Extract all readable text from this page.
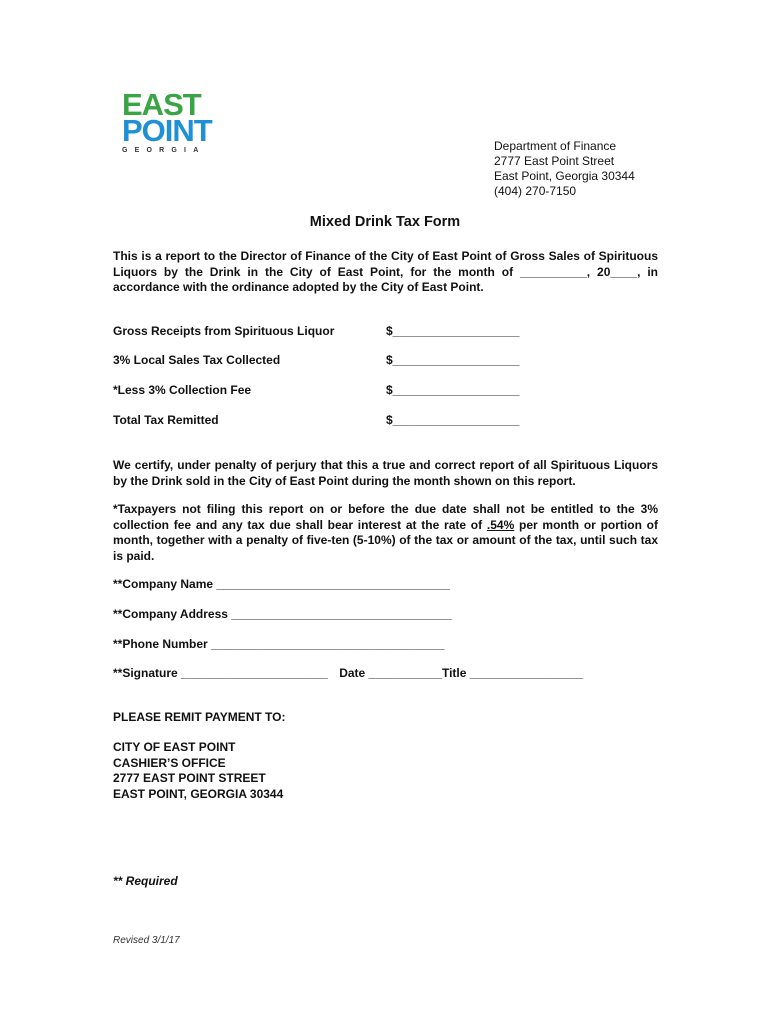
EAST
POINT
GEORGIA	Department of Finance
2777 East Point Street
East Point, Georgia 30344
(404) 270-7150
Mixed Drink Tax Form
This is a report to the Director of Finance of the City of East Point of Gross Sales of Spirituous Liquors by the Drink in the City of East Point, for the month of __________, 20____, in accordance with the ordinance adopted by the City of East Point.
Gross Receipts from Spirituous Liquor	$___________________
3% Local Sales Tax Collected	$___________________
*Less 3% Collection Fee	$___________________
Total Tax Remitted	$___________________
We certify, under penalty of perjury that this a true and correct report of all Spirituous Liquors by the Drink sold in the City of East Point during the month shown on this report.
*Taxpayers not filing this report on or before the due date shall not be entitled to the 3% collection fee and any tax due shall bear interest at the rate of .54% per month or portion of month, together with a penalty of five-ten (5-10%) of the tax or amount of the tax, until such tax is paid.
**Company Name ___________________________________
**Company Address _________________________________
**Phone Number ___________________________________
**Signature ______________________ Date ___________Title _________________
PLEASE REMIT PAYMENT TO:
CITY OF EAST POINT
CASHIER’S OFFICE
2777 EAST POINT STREET
EAST POINT, GEORGIA 30344
** Required
Revised 3/1/17
